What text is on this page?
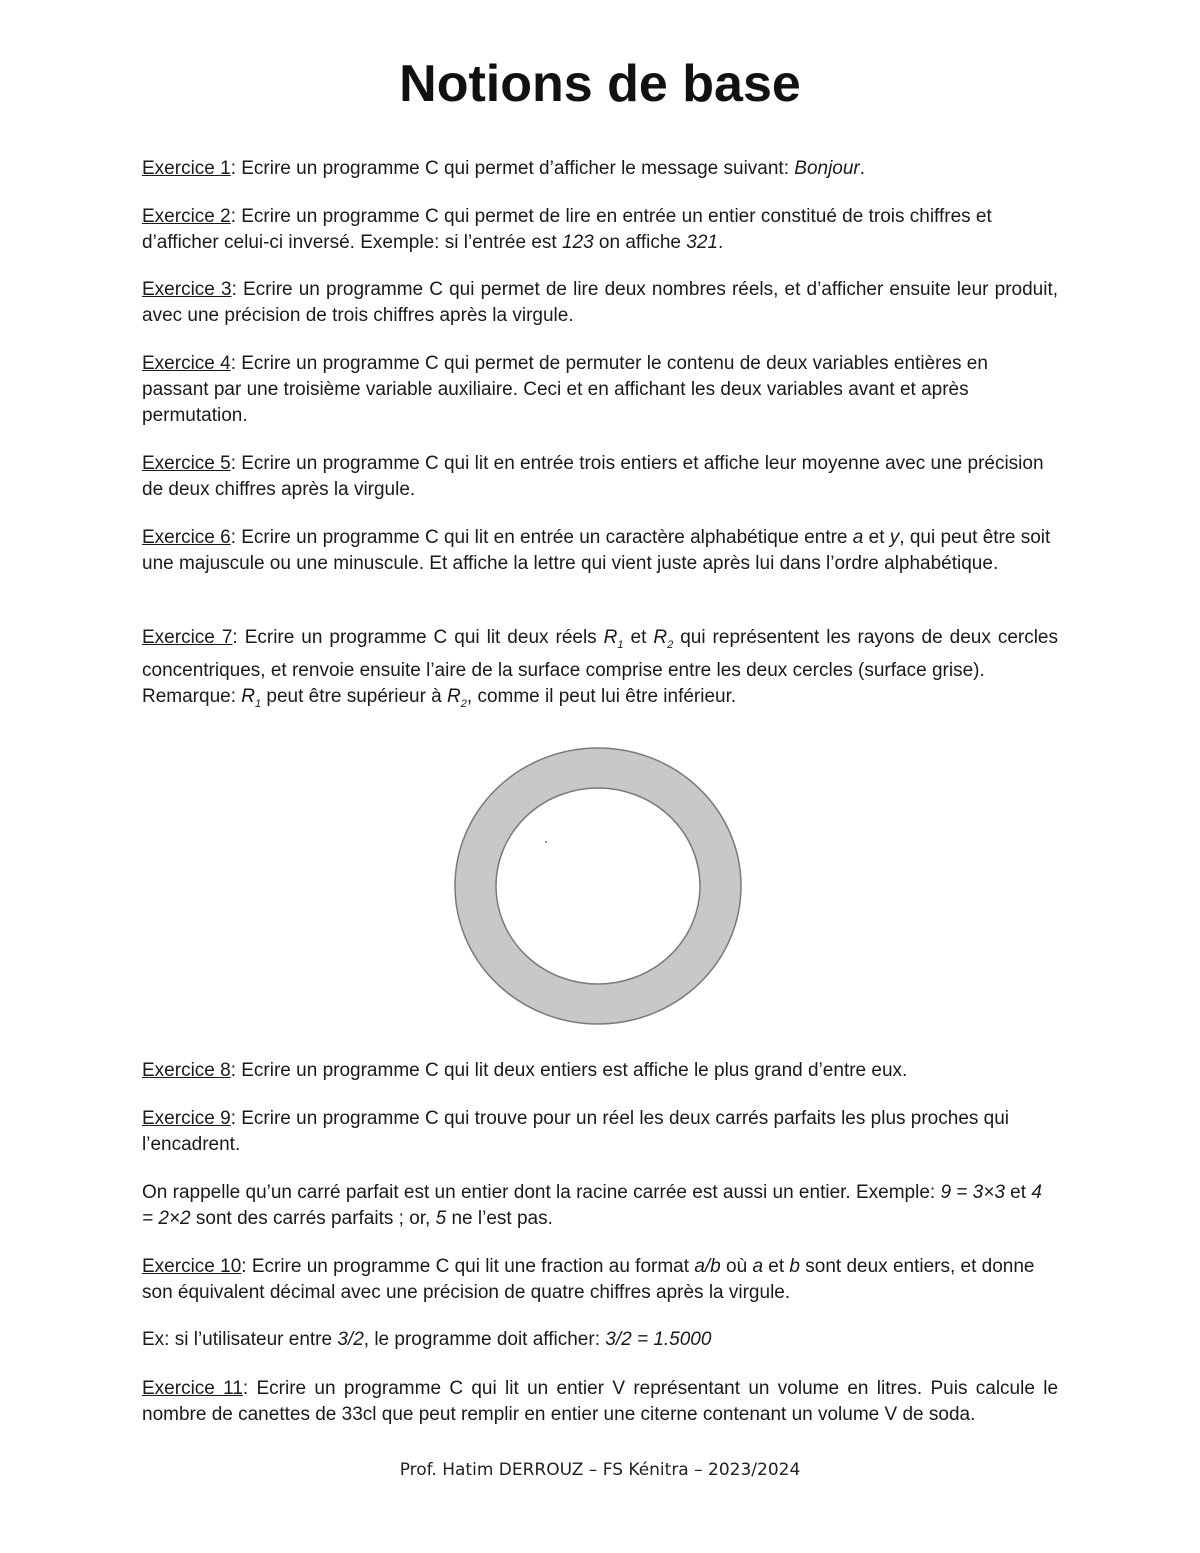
Notions de base

Exercice 1: Ecrire un programme C qui permet d’afficher le message suivant: Bonjour.

Exercice 2: Ecrire un programme C qui permet de lire en entrée un entier constitué de trois chiffres et d’afficher celui-ci inversé. Exemple: si l’entrée est 123 on affiche 321.

Exercice 3: Ecrire un programme C qui permet de lire deux nombres réels, et d’afficher ensuite leur produit, avec une précision de trois chiffres après la virgule.

Exercice 4: Ecrire un programme C qui permet de permuter le contenu de deux variables entières en passant par une troisième variable auxiliaire. Ceci et en affichant les deux variables avant et après permutation.

Exercice 5: Ecrire un programme C qui lit en entrée trois entiers et affiche leur moyenne avec une précision de deux chiffres après la virgule.

Exercice 6: Ecrire un programme C qui lit en entrée un caractère alphabétique entre a et y, qui peut être soit une majuscule ou une minuscule. Et affiche la lettre qui vient juste après lui dans l’ordre alphabétique.

Exercice 7: Ecrire un programme C qui lit deux réels $R_1$ et $R_2$ qui représentent les rayons de deux cercles concentriques, et renvoie ensuite l’aire de la surface comprise entre les deux cercles (surface grise).
Remarque: $R_1$ peut être supérieur à $R_2$, comme il peut lui être inférieur.

Exercice 8: Ecrire un programme C qui lit deux entiers est affiche le plus grand d’entre eux.

Exercice 9: Ecrire un programme C qui trouve pour un réel les deux carrés parfaits les plus proches qui l’encadrent.

On rappelle qu’un carré parfait est un entier dont la racine carrée est aussi un entier. Exemple: 9 = 3×3 et 4 = 2×2 sont des carrés parfaits ; or, 5 ne l’est pas.

Exercice 10: Ecrire un programme C qui lit une fraction au format a/b où a et b sont deux entiers, et donne son équivalent décimal avec une précision de quatre chiffres après la virgule.

Ex: si l’utilisateur entre 3/2, le programme doit afficher: 3/2 = 1.5000

Exercice 11: Ecrire un programme C qui lit un entier V représentant un volume en litres. Puis calcule le nombre de canettes de 33cl que peut remplir en entier une citerne contenant un volume V de soda.

Prof. Hatim DERROUZ – FS Kénitra – 2023/2024
